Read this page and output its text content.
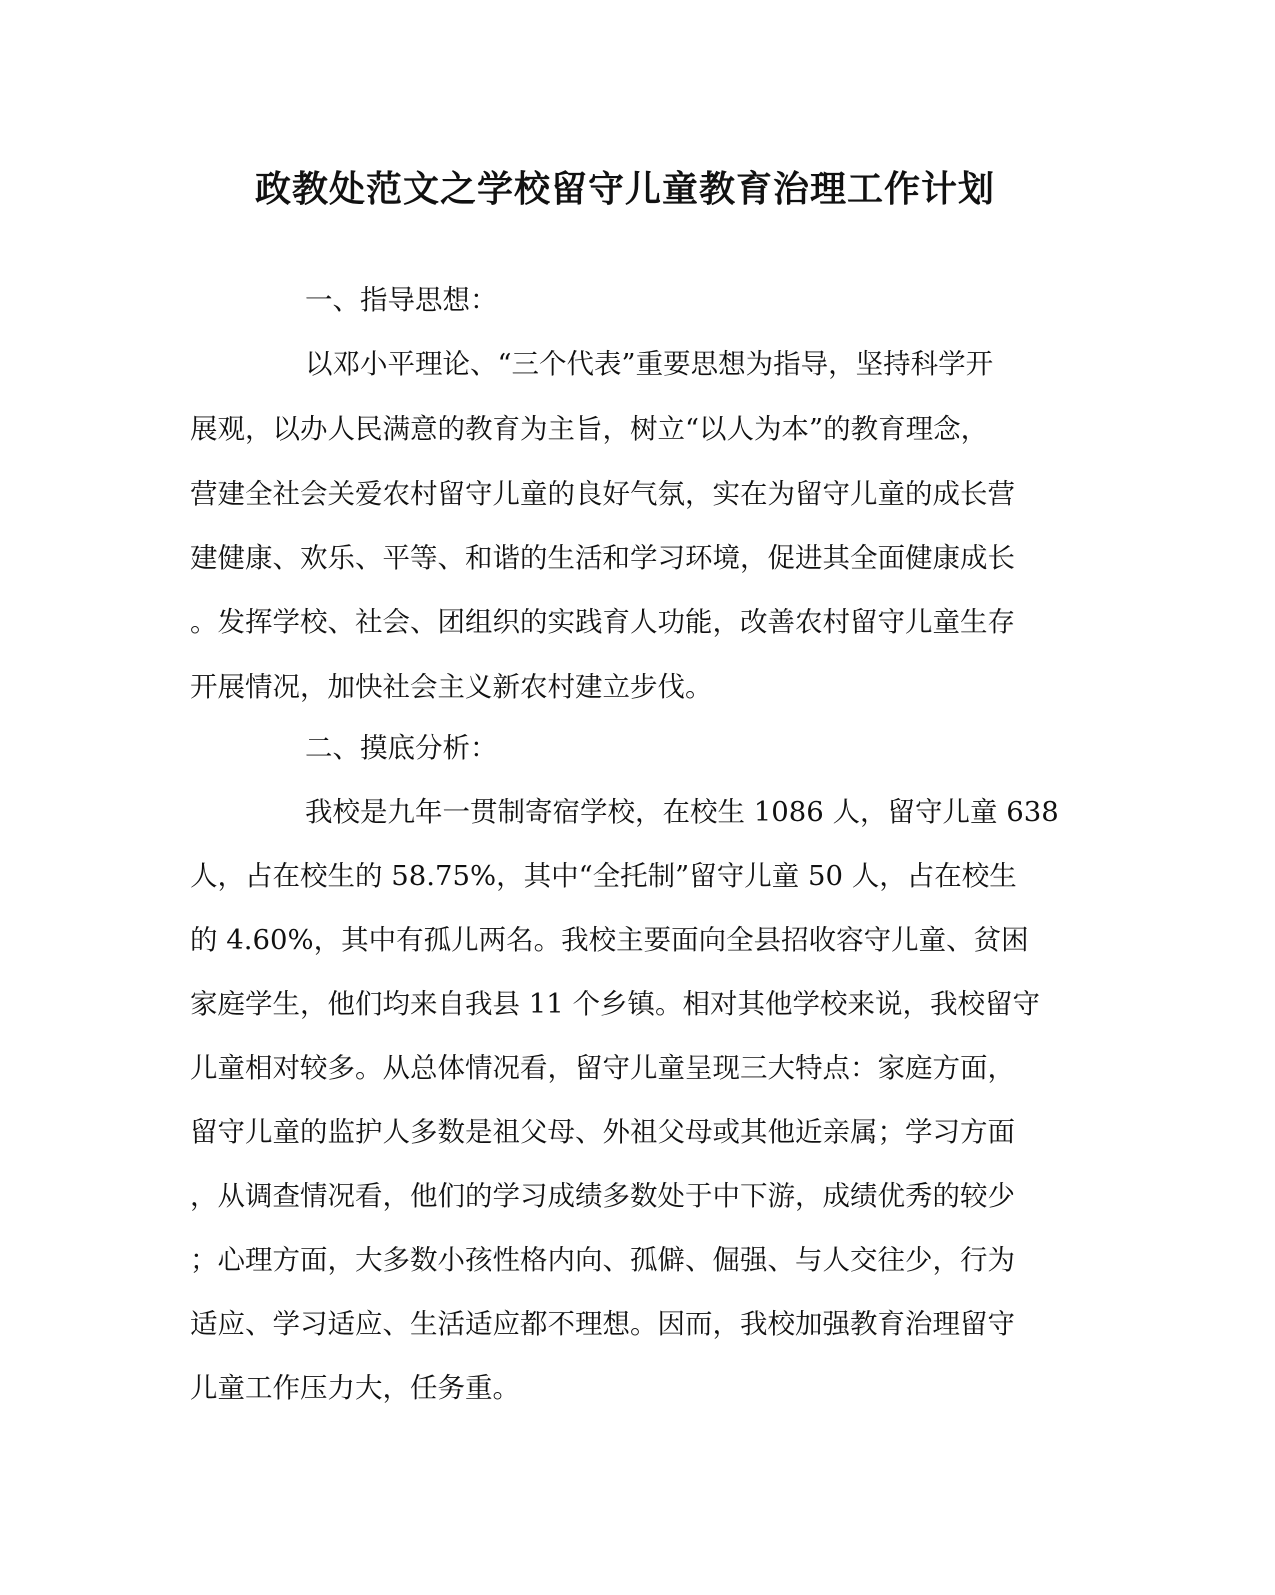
政教处范文之学校留守儿童教育治理工作计划
一、指导思想：
以邓小平理论、“三个代表”重要思想为指导，坚持科学开
展观，以办人民满意的教育为主旨，树立“以人为本”的教育理念，
营建全社会关爱农村留守儿童的良好气氛，实在为留守儿童的成长营
建健康、欢乐、平等、和谐的生活和学习环境，促进其全面健康成长
。发挥学校、社会、团组织的实践育人功能，改善农村留守儿童生存
开展情况，加快社会主义新农村建立步伐。
二、摸底分析：
我校是九年一贯制寄宿学校，在校生 1086 人，留守儿童 638
人，占在校生的 58.75%，其中“全托制”留守儿童 50 人，占在校生
的 4.60%，其中有孤儿两名。我校主要面向全县招收容守儿童、贫困
家庭学生，他们均来自我县 11 个乡镇。相对其他学校来说，我校留守
儿童相对较多。从总体情况看，留守儿童呈现三大特点：家庭方面，
留守儿童的监护人多数是祖父母、外祖父母或其他近亲属；学习方面
，从调查情况看，他们的学习成绩多数处于中下游，成绩优秀的较少
；心理方面，大多数小孩性格内向、孤僻、倔强、与人交往少，行为
适应、学习适应、生活适应都不理想。因而，我校加强教育治理留守
儿童工作压力大，任务重。
